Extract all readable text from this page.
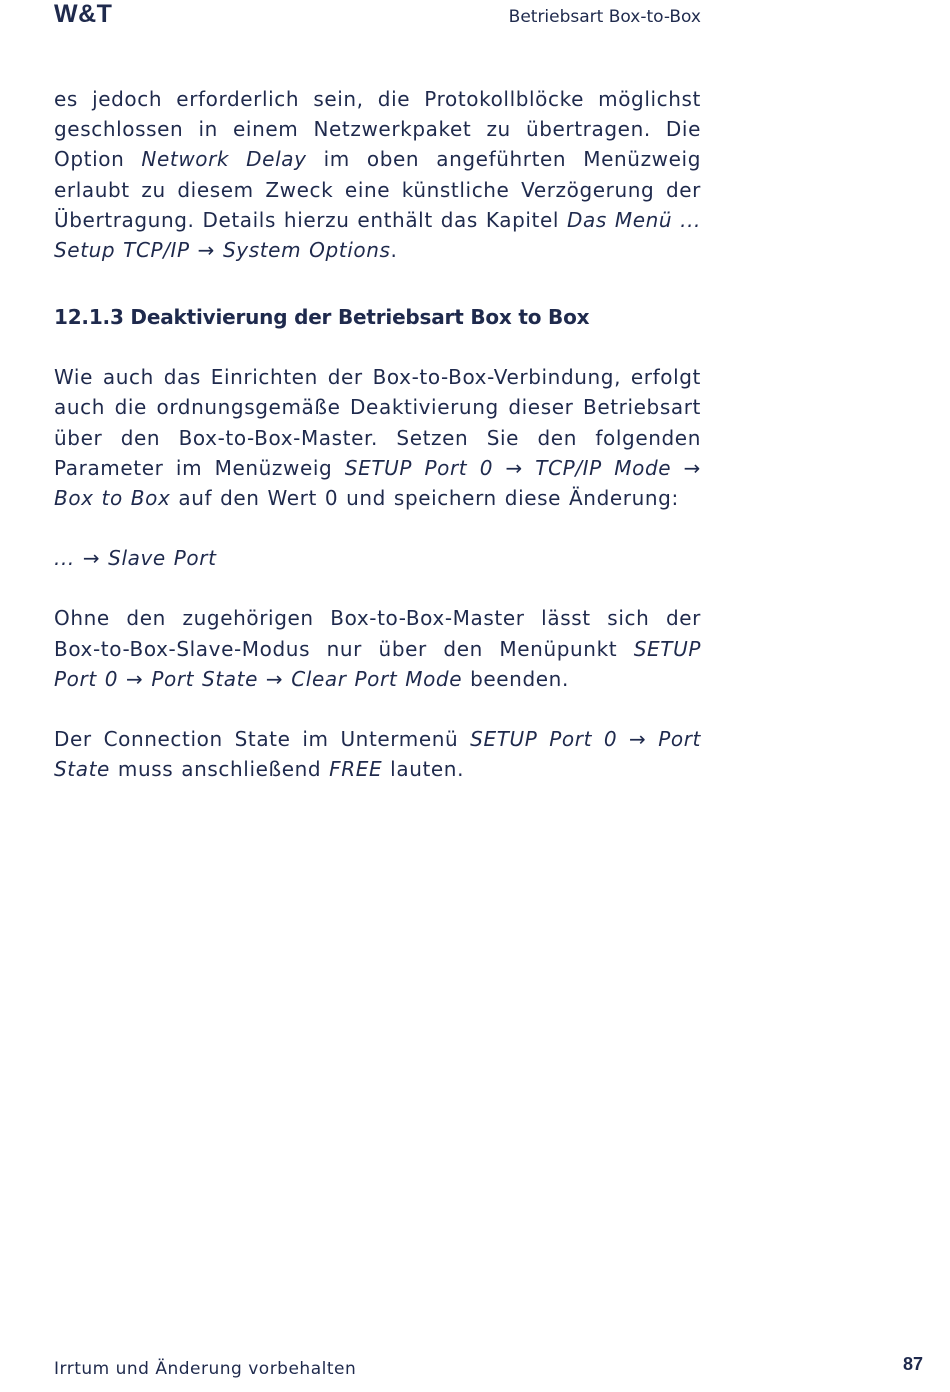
W&T	Betriebsart Box-to-Box

es jedoch erforderlich sein, die Protokollblöcke möglichst geschlossen in einem Netzwerkpaket zu übertragen. Die Option Network Delay im oben angeführten Menüzweig erlaubt zu diesem Zweck eine künstliche Verzögerung der Übertragung. Details hierzu enthält das Kapitel Das Menü ... Setup TCP/IP → System Options.

12.1.3 Deaktivierung der Betriebsart Box to Box

Wie auch das Einrichten der Box-to-Box-Verbindung, erfolgt auch die ordnungsgemäße Deaktivierung dieser Betriebsart über den Box-to-Box-Master. Setzen Sie den folgenden Parameter im Menüzweig SETUP Port 0 → TCP/IP Mode → Box to Box auf den Wert 0 und speichern diese Änderung:

... → Slave Port

Ohne den zugehörigen Box-to-Box-Master lässt sich der Box-to-Box-Slave-Modus nur über den Menüpunkt SETUP Port 0 → Port State → Clear Port Mode beenden.

Der Connection State im Untermenü SETUP Port 0 → Port State muss anschließend FREE lauten.

Irrtum und Änderung vorbehalten	87
